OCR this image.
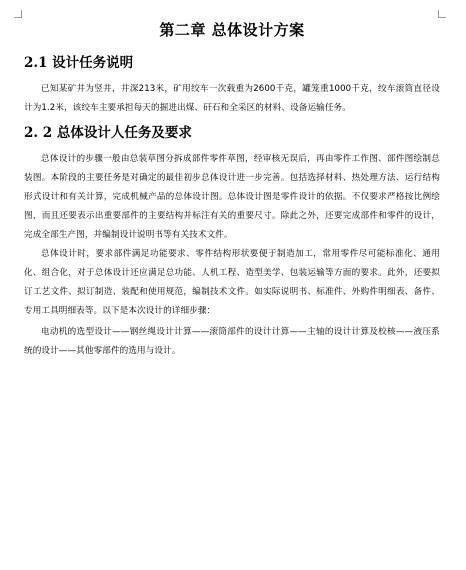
第二章 总体设计方案
2.1 设计任务说明

已知某矿井为竖井，井深213米，矿用绞车一次载重为2600千克，罐笼重1000千克，绞车滚筒直径设计为1.2米，该绞车主要承担每天的掘进出煤、矸石和全采区的材料、设备运输任务。

2. 2 总体设计人任务及要求

总体设计的步骤一般由总装草图分拆成部件零件草图，经审核无误后，再由零件工作图、部件图绘制总装图。本阶段的主要任务是对确定的最佳初步总体设计进一步完善。包括选择材料、热处理方法、运行结构形式设计和有关计算，完成机械产品的总体设计图。总体设计图是零件设计的依据。不仅要求严格按比例绘图，而且还要表示出重要部件的主要结构并标注有关的重要尺寸。除此之外，还要完成部件和零件的设计，完成全部生产图，并编制设计说明书等有关技术文件。

总体设计时，要求部件满足功能要求、零件结构形状要便于制造加工，常用零件尽可能标准化、通用化、组合化，对于总体设计还应满足总功能、人机工程、造型美学、包装运输等方面的要求。此外，还要拟订工艺文件、拟订制造、装配和使用规范，编制技术文件。如实际说明书、标准件、外购件明细表、备件、专用工具明细表等。以下是本次设计的详细步骤：

电动机的选型设计——钢丝绳设计计算——滚筒部件的设计计算——主轴的设计计算及校核——液压系统的设计——其他零部件的选用与设计。
